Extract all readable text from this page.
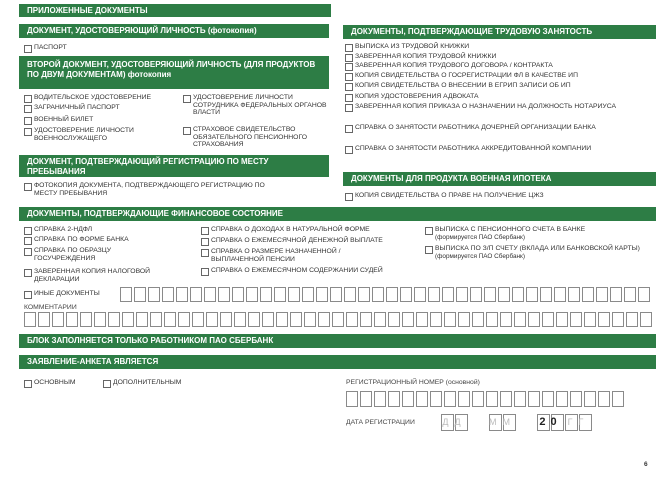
ПРИЛОЖЕННЫЕ ДОКУМЕНТЫ
ДОКУМЕНТ, УДОСТОВЕРЯЮЩИЙ ЛИЧНОСТЬ (фотокопия)
ПАСПОРТ
ВТОРОЙ ДОКУМЕНТ, УДОСТОВЕРЯЮЩИЙ ЛИЧНОСТЬ (ДЛЯ ПРОДУКТОВ ПО ДВУМ ДОКУМЕНТАМ) фотокопия
ВОДИТЕЛЬСКОЕ УДОСТОВЕРЕНИЕ
ЗАГРАНИЧНЫЙ ПАСПОРТ
ВОЕННЫЙ БИЛЕТ
УДОСТОВЕРЕНИЕ ЛИЧНОСТИ ВОЕННОСЛУЖАЩЕГО
УДОСТОВЕРЕНИЕ ЛИЧНОСТИ СОТРУДНИКА ФЕДЕРАЛЬНЫХ ОРГАНОВ ВЛАСТИ
СТРАХОВОЕ СВИДЕТЕЛЬСТВО ОБЯЗАТЕЛЬНОГО ПЕНСИОННОГО СТРАХОВАНИЯ
ДОКУМЕНТ, ПОДТВЕРЖДАЮЩИЙ РЕГИСТРАЦИЮ ПО МЕСТУ ПРЕБЫВАНИЯ
ФОТОКОПИЯ ДОКУМЕНТА, ПОДТВЕРЖДАЮЩЕГО РЕГИСТРАЦИЮ ПО МЕСТУ ПРЕБЫВАНИЯ
ДОКУМЕНТЫ, ПОДТВЕРЖДАЮЩИЕ ТРУДОВУЮ ЗАНЯТОСТЬ
ВЫПИСКА ИЗ ТРУДОВОЙ КНИЖКИ
ЗАВЕРЕННАЯ КОПИЯ ТРУДОВОЙ КНИЖКИ
ЗАВЕРЕННАЯ КОПИЯ ТРУДОВОГО ДОГОВОРА / КОНТРАКТА
КОПИЯ СВИДЕТЕЛЬСТВА О ГОСРЕГИСТРАЦИИ ФЛ В КАЧЕСТВЕ ИП
КОПИЯ СВИДЕТЕЛЬСТВА О ВНЕСЕНИИ В ЕГРИП ЗАПИСИ ОБ ИП
КОПИЯ УДОСТОВЕРЕНИЯ АДВОКАТА
ЗАВЕРЕННАЯ КОПИЯ ПРИКАЗА О НАЗНАЧЕНИИ НА ДОЛЖНОСТЬ НОТАРИУСА
СПРАВКА О ЗАНЯТОСТИ РАБОТНИКА ДОЧЕРНЕЙ ОРГАНИЗАЦИИ БАНКА
СПРАВКА О ЗАНЯТОСТИ РАБОТНИКА АККРЕДИТОВАННОЙ КОМПАНИИ
ДОКУМЕНТЫ ДЛЯ ПРОДУКТА ВОЕННАЯ ИПОТЕКА
КОПИЯ СВИДЕТЕЛЬСТВА О ПРАВЕ НА ПОЛУЧЕНИЕ ЦЖЗ
ДОКУМЕНТЫ, ПОДТВЕРЖДАЮЩИЕ ФИНАНСОВОЕ СОСТОЯНИЕ
СПРАВКА 2-НДФЛ
СПРАВКА ПО ФОРМЕ БАНКА
СПРАВКА ПО ОБРАЗЦУ ГОСУЧРЕЖДЕНИЯ
ЗАВЕРЕННАЯ КОПИЯ НАЛОГОВОЙ ДЕКЛАРАЦИИ
СПРАВКА О ДОХОДАХ В НАТУРАЛЬНОЙ ФОРМЕ
СПРАВКА О ЕЖЕМЕСЯЧНОЙ ДЕНЕЖНОЙ ВЫПЛАТЕ
СПРАВКА О РАЗМЕРЕ НАЗНАЧЕННОЙ / ВЫПЛАЧЕННОЙ ПЕНСИИ
СПРАВКА О ЕЖЕМЕСЯЧНОМ СОДЕРЖАНИИ СУДЕЙ
ВЫПИСКА С ПЕНСИОННОГО СЧЕТА В БАНКЕ
(формируется ПАО Сбербанк)
ВЫПИСКА ПО З/П СЧЕТУ (ВКЛАДА ИЛИ БАНКОВСКОЙ КАРТЫ) (формируется ПАО Сбербанк)
ИНЫЕ ДОКУМЕНТЫ
КОММЕНТАРИИ
БЛОК ЗАПОЛНЯЕТСЯ ТОЛЬКО РАБОТНИКОМ ПАО СБЕРБАНК
ЗАЯВЛЕНИЕ-АНКЕТА ЯВЛЯЕТСЯ
ОСНОВНЫМ	ДОПОЛНИТЕЛЬНЫМ	РЕГИСТРАЦИОННЫЙ НОМЕР (основной)
ДАТА РЕГИСТРАЦИИ	ДД ММ 20 ГГ
6
